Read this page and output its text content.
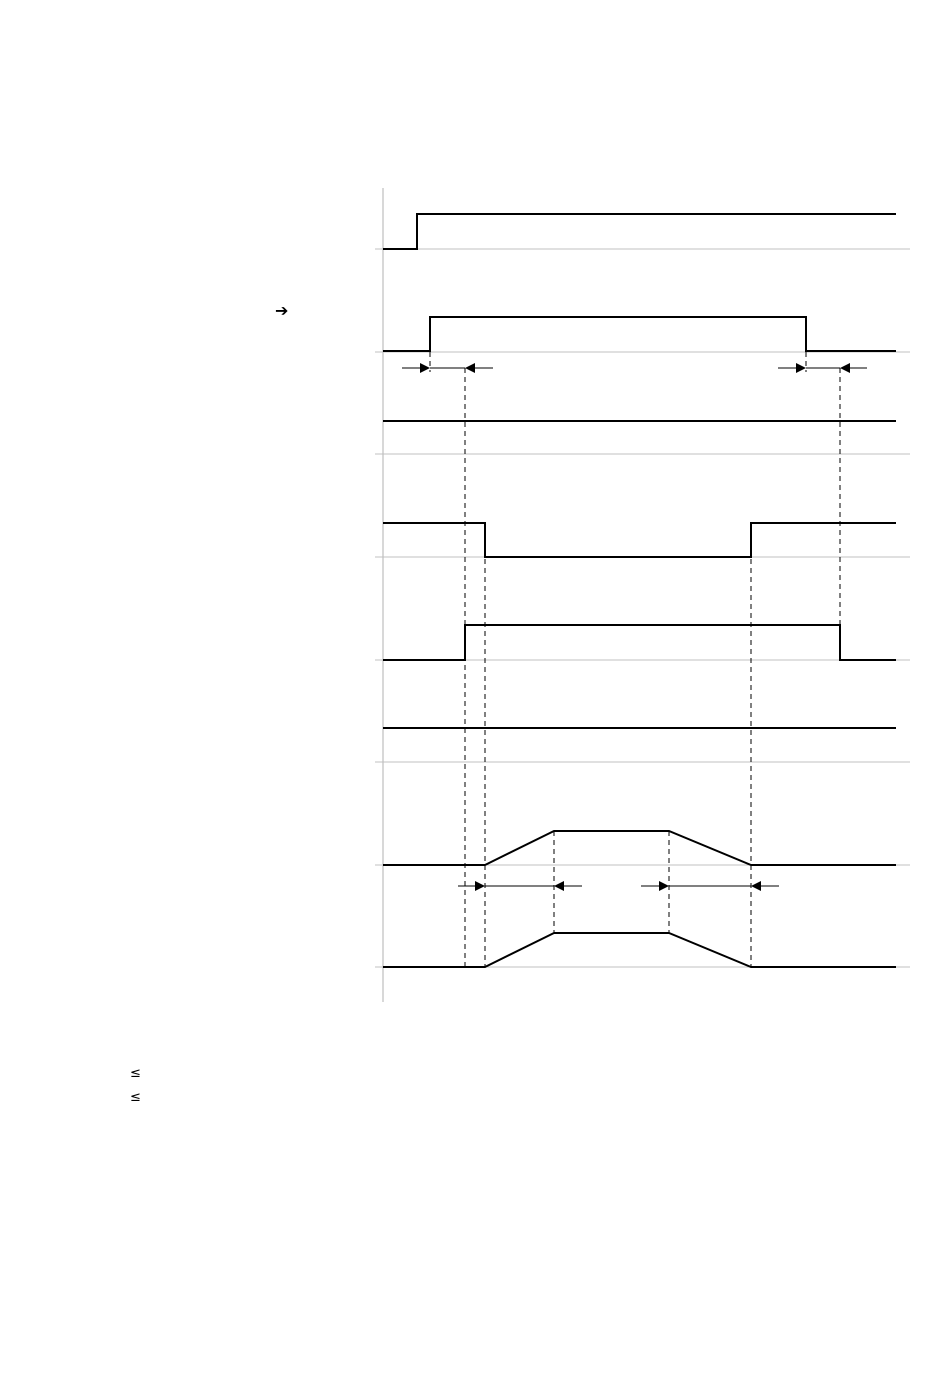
➔
≤
≤
